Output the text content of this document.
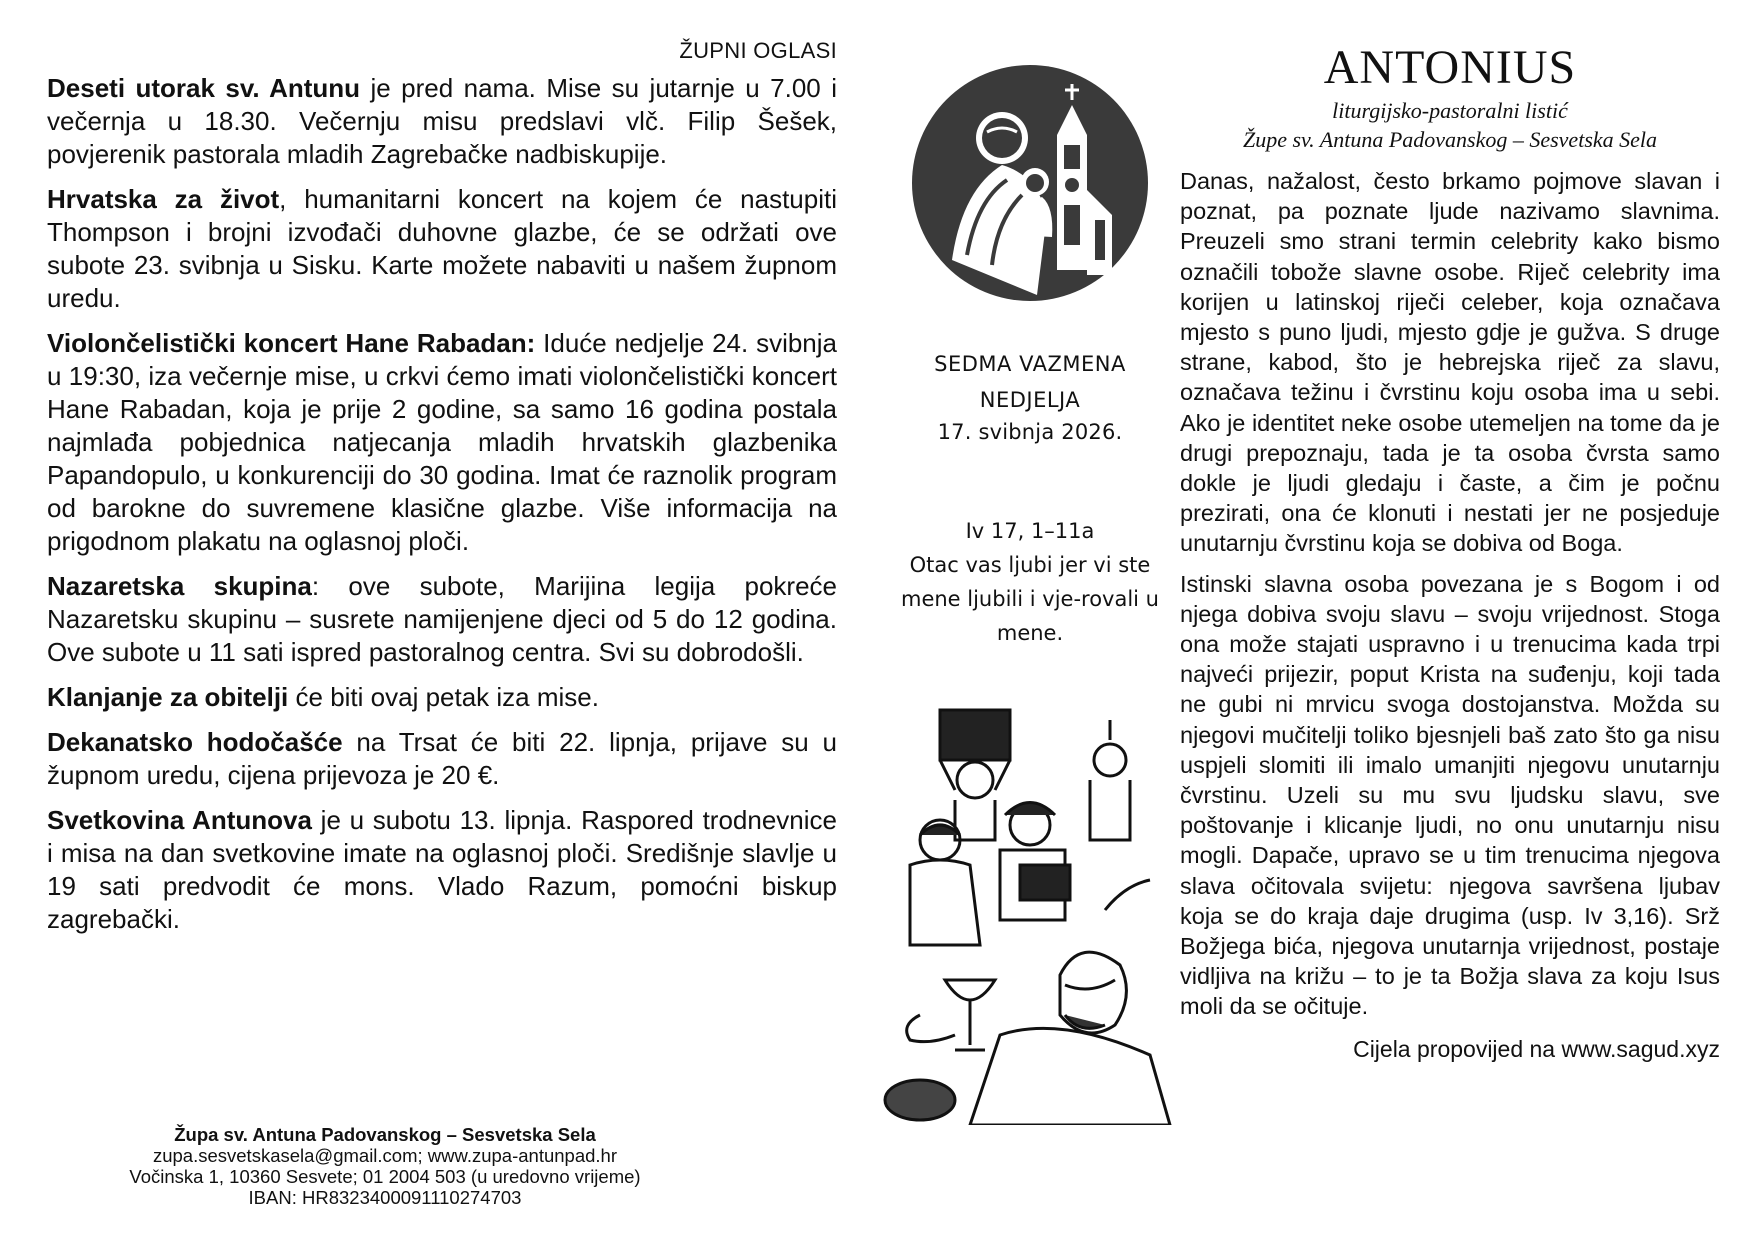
ŽUPNI OGLASI

Deseti utorak sv. Antunu je pred nama. Mise su jutarnje u 7.00 i večernja u 18.30. Večernju misu predslavi vlč. Filip Šešek, povjerenik pastorala mladih Zagrebačke nadbiskupije.

Hrvatska za život, humanitarni koncert na kojem će nastupiti Thompson i brojni izvođači duhovne glazbe, će se održati ove subote 23. svibnja u Sisku. Karte možete nabaviti u našem župnom uredu.

Violončelistički koncert Hane Rabadan: Iduće nedjelje 24. svibnja u 19:30, iza večernje mise, u crkvi ćemo imati violončelistički koncert Hane Rabadan, koja je prije 2 godine, sa samo 16 godina postala najmlađa pobjednica natjecanja mladih hrvatskih glazbenika Papandopulo, u konkurenciji do 30 godina. Imat će raznolik program od barokne do suvremene klasične glazbe. Više informacija na prigodnom plakatu na oglasnoj ploči.

Nazaretska skupina: ove subote, Marijina legija pokreće Nazaretsku skupinu – susrete namijenjene djeci od 5 do 12 godina. Ove subote u 11 sati ispred pastoralnog centra. Svi su dobrodošli.

Klanjanje za obitelji će biti ovaj petak iza mise.

Dekanatsko hodočašće na Trsat će biti 22. lipnja, prijave su u župnom uredu, cijena prijevoza je 20 €.

Svetkovina Antunova je u subotu 13. lipnja. Raspored trodnevnice i misa na dan svetkovine imate na oglasnoj ploči. Središnje slavlje u 19 sati predvodit će mons. Vlado Razum, pomoćni biskup zagrebački.

Župa sv. Antuna Padovanskog – Sesvetska Sela
zupa.sesvetskasela@gmail.com; www.zupa-antunpad.hr
Vočinska 1, 10360 Sesvete; 01 2004 503 (u uredovno vrijeme)
IBAN: HR8323400091110274703
SEDMA VAZMENA
NEDJELJA
17. svibnja 2026.
Iv 17, 1–11a
Otac vas ljubi jer vi ste mene ljubili i vje-rovali u mene.
ANTONIUS
liturgijsko-pastoralni listić
Župe sv. Antuna Padovanskog – Sesvetska Sela

Danas, nažalost, često brkamo pojmove slavan i poznat, pa poznate ljude nazivamo slavnima. Preuzeli smo strani termin celebrity kako bismo označili tobože slavne osobe. Riječ celebrity ima korijen u latinskoj riječi celeber, koja označava mjesto s puno ljudi, mjesto gdje je gužva. S druge strane, kabod, što je hebrejska riječ za slavu, označava težinu i čvrstinu koju osoba ima u sebi. Ako je identitet neke osobe utemeljen na tome da je drugi prepoznaju, tada je ta osoba čvrsta samo dokle je ljudi gledaju i časte, a čim je počnu prezirati, ona će klonuti i nestati jer ne posjeduje unutarnju čvrstinu koja se dobiva od Boga.

Istinski slavna osoba povezana je s Bogom i od njega dobiva svoju slavu – svoju vrijednost. Stoga ona može stajati uspravno i u trenucima kada trpi najveći prijezir, poput Krista na suđenju, koji tada ne gubi ni mrvicu svoga dostojanstva. Možda su njegovi mučitelji toliko bjesnjeli baš zato što ga nisu uspjeli slomiti ili imalo umanjiti njegovu unutarnju čvrstinu. Uzeli su mu svu ljudsku slavu, sve poštovanje i klicanje ljudi, no onu unutarnju nisu mogli. Dapače, upravo se u tim trenucima njegova slava očitovala svijetu: njegova savršena ljubav koja se do kraja daje drugima (usp. Iv 3,16). Srž Božjega bića, njegova unutarnja vrijednost, postaje vidljiva na križu – to je ta Božja slava za koju Isus moli da se očituje.

Cijela propovijed na www.sagud.xyz
